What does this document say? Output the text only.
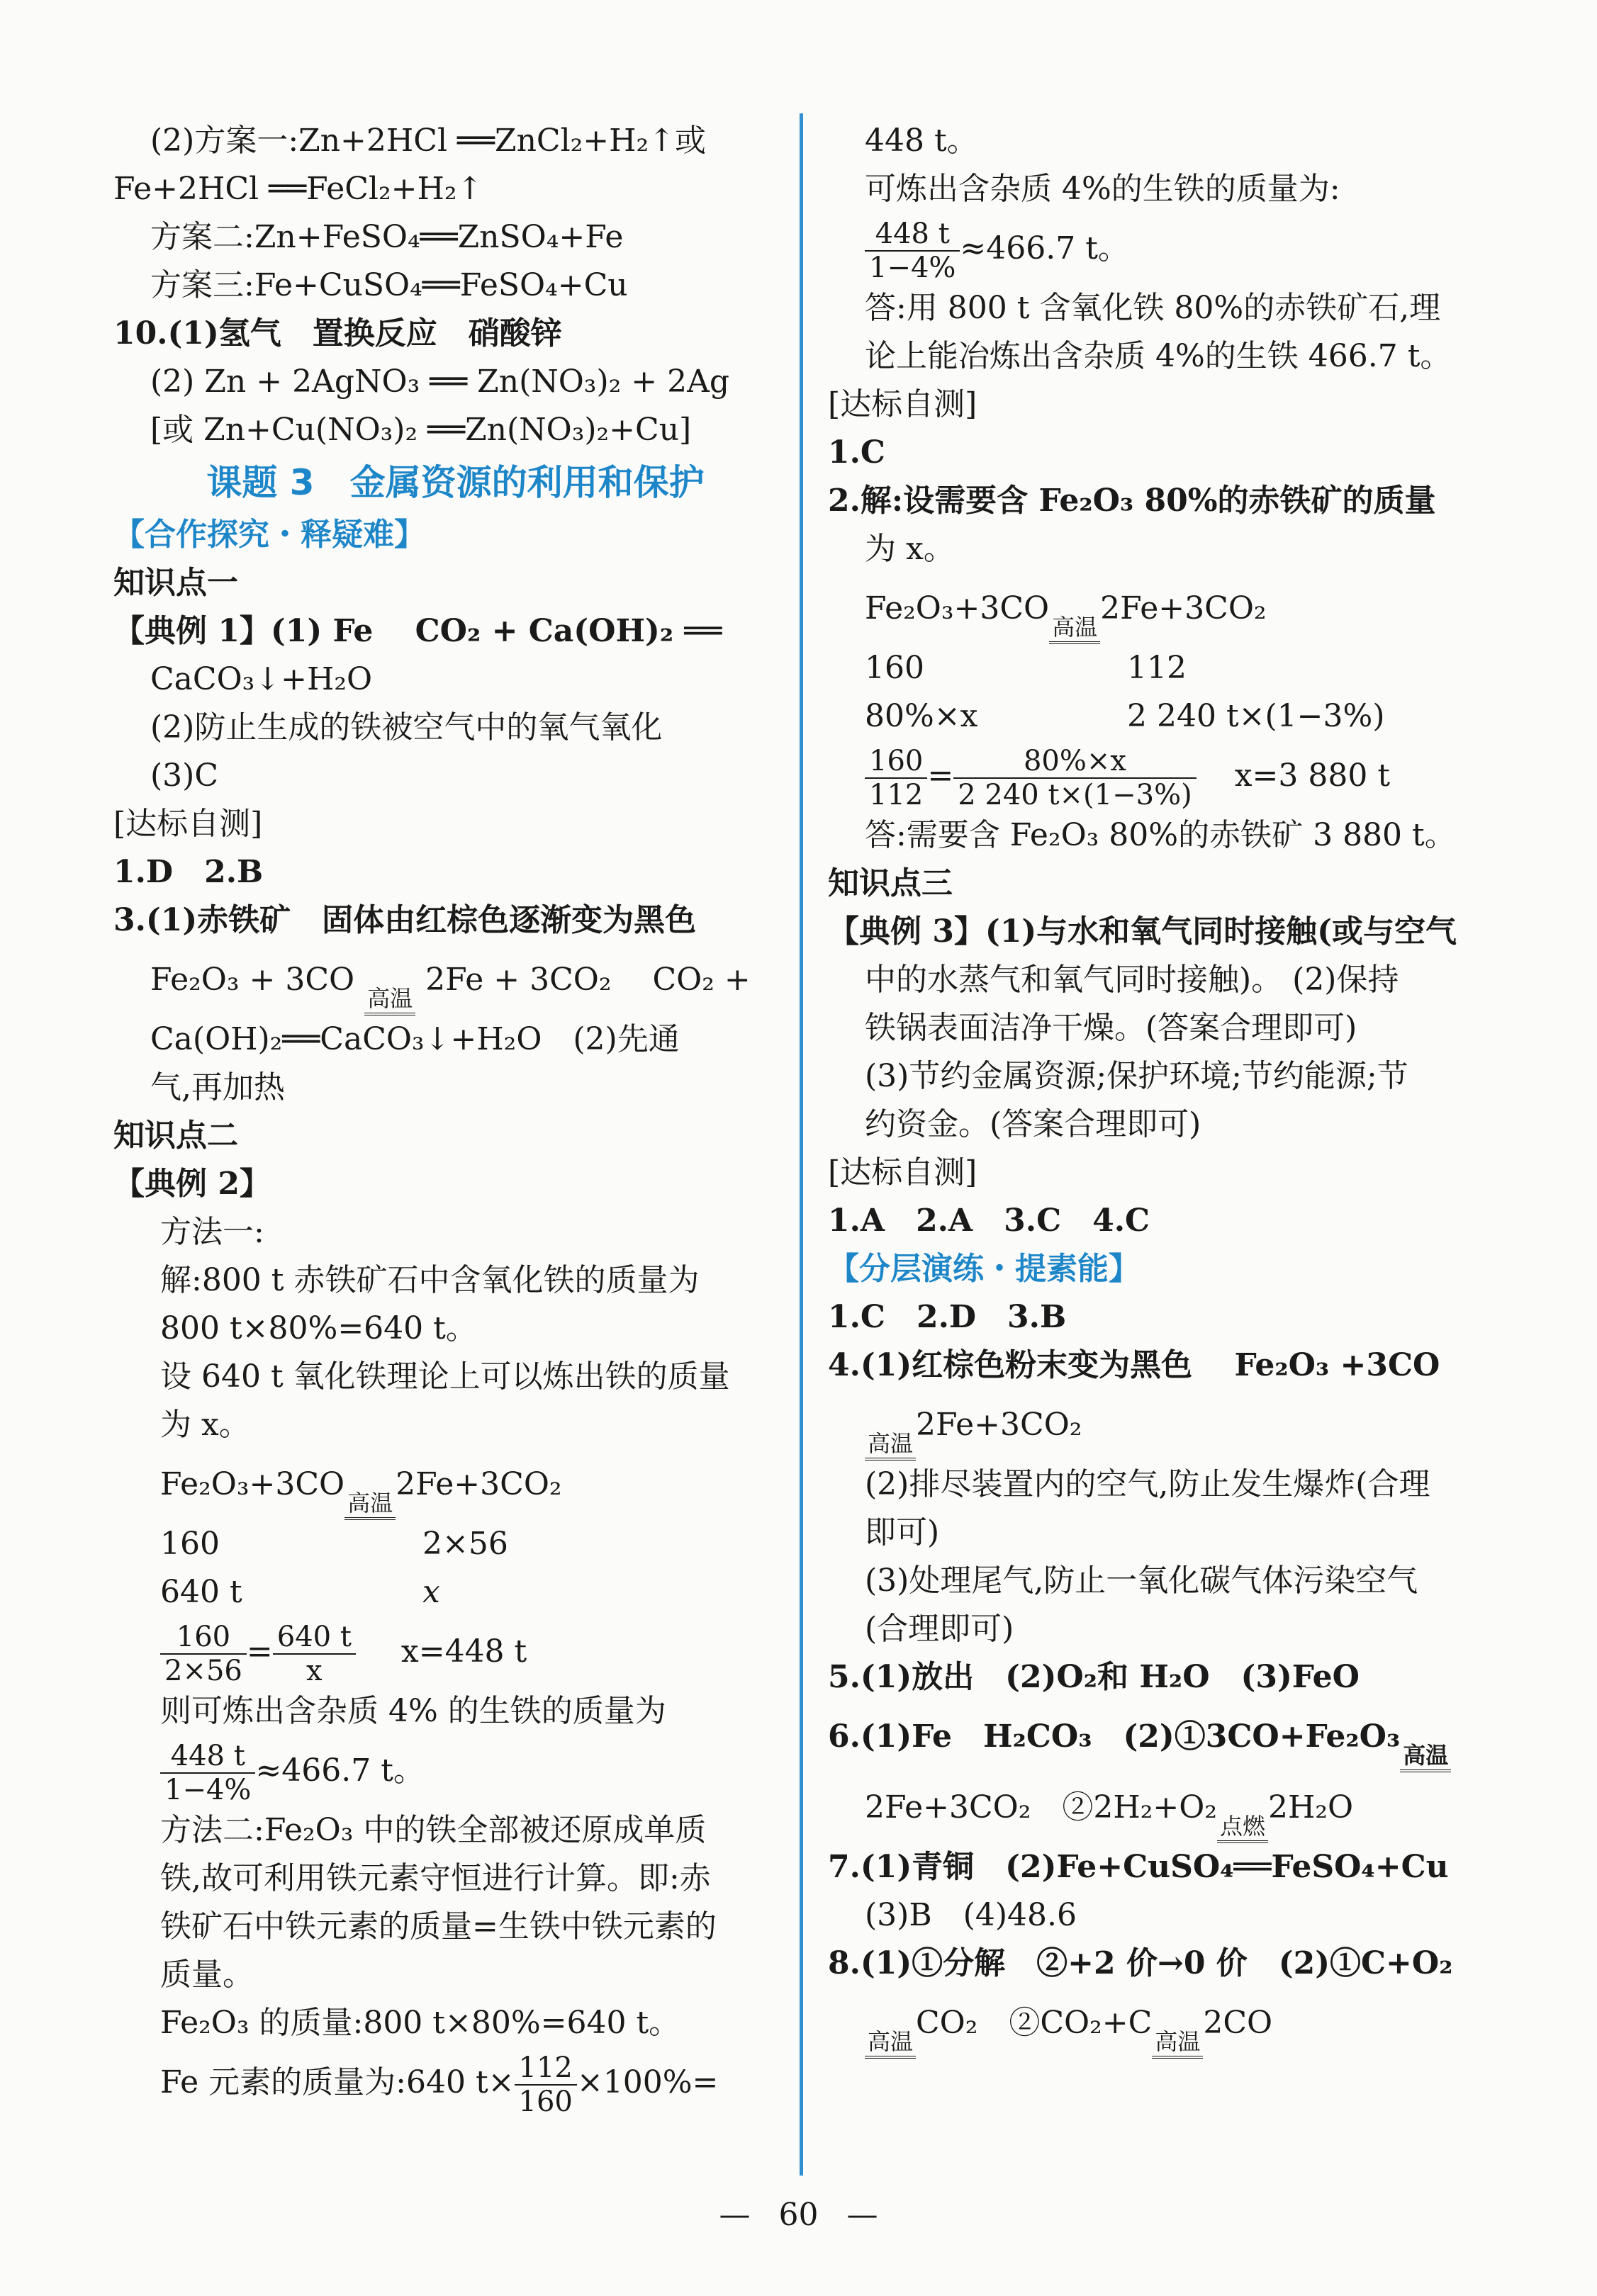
(2)方案一:Zn+2HCl ══ZnCl₂+H₂↑或
Fe+2HCl ══FeCl₂+H₂↑
方案二:Zn+FeSO₄══ZnSO₄+Fe
方案三:Fe+CuSO₄══FeSO₄+Cu
10.(1)氢气　置换反应　硝酸锌
(2) Zn + 2AgNO₃ ══ Zn(NO₃)₂ + 2Ag
[或 Zn+Cu(NO₃)₂ ══Zn(NO₃)₂+Cu]
课题 3　金属资源的利用和保护
【合作探究・释疑难】
知识点一
【典例 1】(1) Fe　 CO₂ + Ca(OH)₂ ══
CaCO₃↓+H₂O
(2)防止生成的铁被空气中的氧气氧化
(3)C
[达标自测]
1.D　2.B
3.(1)赤铁矿　固体由红棕色逐渐变为黑色
Fe₂O₃ + 3CO
高温
2Fe + 3CO₂　 CO₂ +
Ca(OH)₂══CaCO₃↓+H₂O　(2)先通
气,再加热
知识点二
【典例 2】
方法一:
解:800 t 赤铁矿石中含氧化铁的质量为
800 t×80%=640 t。
设 640 t 氧化铁理论上可以炼出铁的质量
为 x。
Fe₂O₃+3CO
高温
2Fe+3CO₂
160	2×56
640 t	x
$\frac{160}{2\times 56} = \frac{640 t}{x} x=448$ t
则可炼出含杂质 4% 的生铁的质量为
$\frac{448 t}{1-4\%} \approx 466.7$ t。
方法二:Fe₂O₃ 中的铁全部被还原成单质
铁,故可利用铁元素守恒进行计算。即:赤
铁矿石中铁元素的质量=生铁中铁元素的
质量。
Fe₂O₃ 的质量:800 t×80%=640 t。
Fe 元素的质量为:640 $t\times \frac{112}{160} \times 100\%=$
448 t。
可炼出含杂质 4%的生铁的质量为:
$\frac{448 t}{1-4\%} \approx 466.7$ t。
答:用 800 t 含氧化铁 80%的赤铁矿石,理
论上能冶炼出含杂质 4%的生铁 466.7 t。
[达标自测]
1.C
2.解:设需要含 Fe₂O₃ 80%的赤铁矿的质量
为 x。
Fe₂O₃+3CO
高温
2Fe+3CO₂
160	112
80%×x	2 240 t×(1−3%)
$\frac{160}{112} = \frac{80\%\times x}{2 240 t\times(1-3\%)} x=3$ 880 t
答:需要含 Fe₂O₃ 80%的赤铁矿 3 880 t。
知识点三
【典例 3】(1)与水和氧气同时接触(或与空气
中的水蒸气和氧气同时接触)。 (2)保持
铁锅表面洁净干燥。(答案合理即可)
(3)节约金属资源;保护环境;节约能源;节
约资金。(答案合理即可)
[达标自测]
1.A　2.A　3.C　4.C
【分层演练・提素能】
1.C　2.D　3.B
4.(1)红棕色粉末变为黑色　 Fe₂O₃ +3CO
高温
2Fe+3CO₂
(2)排尽装置内的空气,防止发生爆炸(合理
即可)
(3)处理尾气,防止一氧化碳气体污染空气
(合理即可)
5.(1)放出　(2)O₂和 H₂O　(3)FeO
6.(1)Fe　H₂CO₃　(2)①3CO+Fe₂O₃
高温
2Fe+3CO₂　②2H₂+O₂
点燃
2H₂O
7.(1)青铜　(2)Fe+CuSO₄══FeSO₄+Cu
(3)B　(4)48.6
8.(1)①分解　②+2 价→0 价　(2)①C+O₂
高温
CO₂　②CO₂+C
高温
2CO
— 60 —
